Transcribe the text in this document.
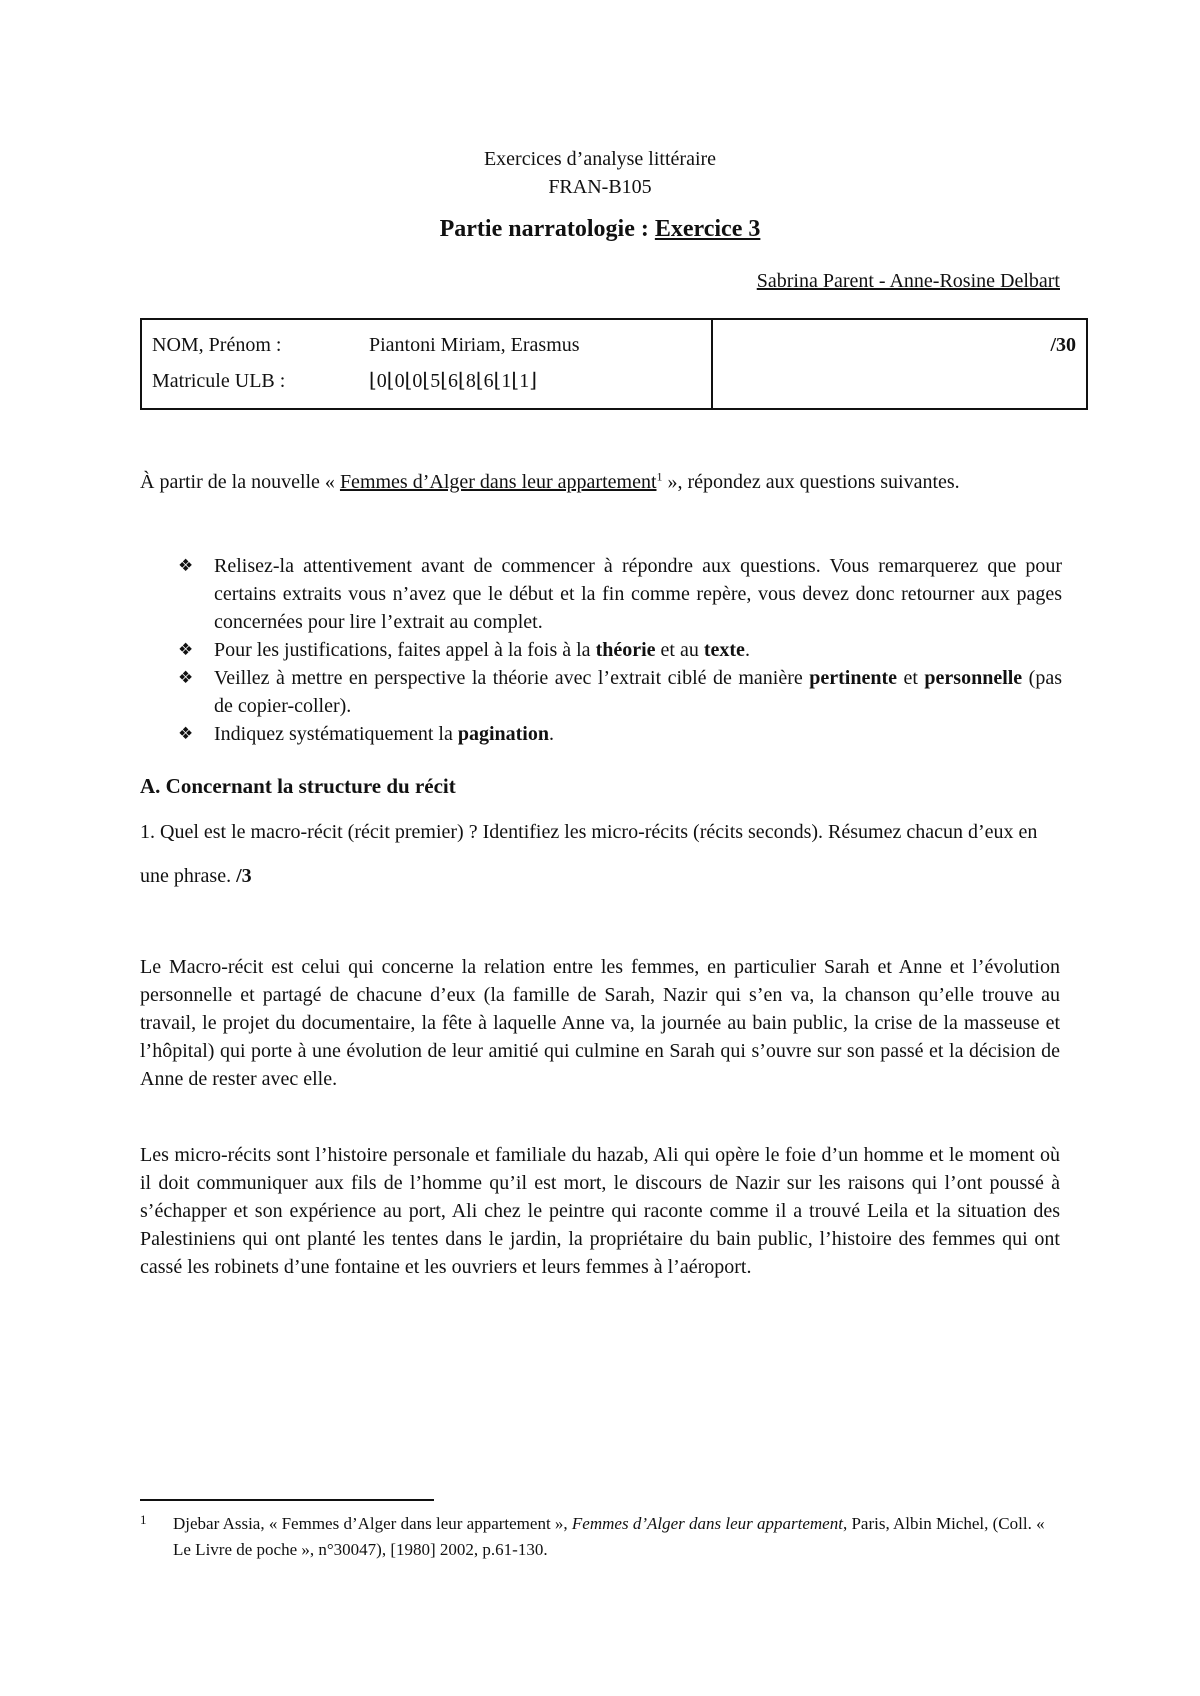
Exercices d’analyse littéraire
FRAN-B105
Partie narratologie : Exercice 3
Sabrina Parent - Anne-Rosine Delbart
NOM, Prénom :	Piantoni Miriam, Erasmus
Matricule ULB :	⌊0⌊0⌊0⌊5⌊6⌊8⌊6⌊1⌊1⌋
/30
À partir de la nouvelle « Femmes d’Alger dans leur appartement$^1$ », répondez aux questions suivantes.
❖ Relisez-la attentivement avant de commencer à répondre aux questions. Vous remarquerez que pour certains extraits vous n’avez que le début et la fin comme repère, vous devez donc retourner aux pages concernées pour lire l’extrait au complet.
❖ Pour les justifications, faites appel à la fois à la théorie et au texte.
❖ Veillez à mettre en perspective la théorie avec l’extrait ciblé de manière pertinente et personnelle (pas de copier-coller).
❖ Indiquez systématiquement la pagination.
A. Concernant la structure du récit
1. Quel est le macro-récit (récit premier) ? Identifiez les micro-récits (récits seconds). Résumez chacun d’eux en une phrase. /3
Le Macro-récit est celui qui concerne la relation entre les femmes, en particulier Sarah et Anne et l’évolution personnelle et partagé de chacune d’eux (la famille de Sarah, Nazir qui s’en va, la chanson qu’elle trouve au travail, le projet du documentaire, la fête à laquelle Anne va, la journée au bain public, la crise de la masseuse et l’hôpital) qui porte à une évolution de leur amitié qui culmine en Sarah qui s’ouvre sur son passé et la décision de Anne de rester avec elle.
Les micro-récits sont l’histoire personale et familiale du hazab, Ali qui opère le foie d’un homme et le moment où il doit communiquer aux fils de l’homme qu’il est mort, le discours de Nazir sur les raisons qui l’ont poussé à s’échapper et son expérience au port, Ali chez le peintre qui raconte comme il a trouvé Leila et la situation des Palestiniens qui ont planté les tentes dans le jardin, la propriétaire du bain public, l’histoire des femmes qui ont cassé les robinets d’une fontaine et les ouvriers et leurs femmes à l’aéroport.
1 Djebar Assia, « Femmes d’Alger dans leur appartement », Femmes d’Alger dans leur appartement, Paris, Albin Michel, (Coll. « Le Livre de poche », n°30047), [1980] 2002, p.61-130.
